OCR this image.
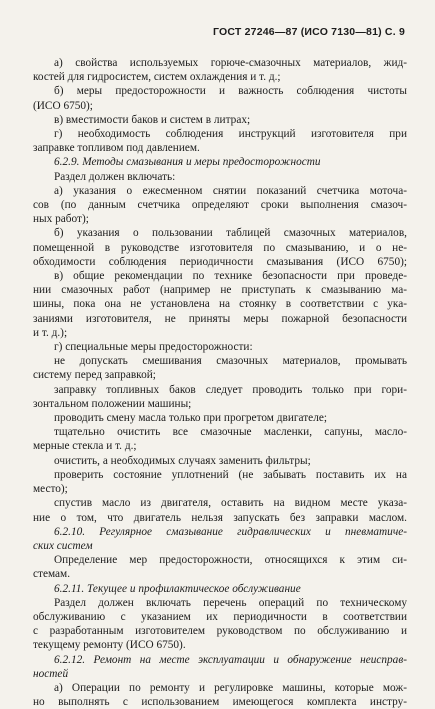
ГОСТ 27246—87 (ИСО 7130—81) С. 9
а) свойства используемых горюче-смазочных материалов, жид-
костей для гидросистем, систем охлаждения и т. д.;
б) меры предосторожности и важность соблюдения чистоты
(ИСО 6750);
в) вместимости баков и систем в литрах;
г) необходимость соблюдения инструкций изготовителя при
заправке топливом под давлением.
6.2.9. Методы смазывания и меры предосторожности
Раздел должен включать:
а) указания о ежесменном снятии показаний счетчика моточа-
сов (по данным счетчика определяют сроки выполнения смазоч-
ных работ);
б) указания о пользовании таблицей смазочных материалов,
помещенной в руководстве изготовителя по смазыванию, и о не-
обходимости соблюдения периодичности смазывания (ИСО 6750);
в) общие рекомендации по технике безопасности при проведе-
нии смазочных работ (например не приступать к смазыванию ма-
шины, пока она не установлена на стоянку в соответствии с ука-
заниями изготовителя, не приняты меры пожарной безопасности
и т. д.);
г) специальные меры предосторожности:
не допускать смешивания смазочных материалов, промывать
систему перед заправкой;
заправку топливных баков следует проводить только при гори-
зонтальном положении машины;
проводить смену масла только при прогретом двигателе;
тщательно очистить все смазочные масленки, сапуны, масло-
мерные стекла и т. д.;
очистить, а необходимых случаях заменить фильтры;
проверить состояние уплотнений (не забывать поставить их на
место);
спустив масло из двигателя, оставить на видном месте указа-
ние о том, что двигатель нельзя запускать без заправки маслом.
6.2.10. Регулярное смазывание гидравлических и пневматиче-
ских систем
Определение мер предосторожности, относящихся к этим си-
стемам.
6.2.11. Текущее и профилактическое обслуживание
Раздел должен включать перечень операций по техническому
обслуживанию с указанием их периодичности в соответствии
с разработанным изготовителем руководством по обслуживанию и
текущему ремонту (ИСО 6750).
6.2.12. Ремонт на месте эксплуатации и обнаружение неисправ-
ностей
а) Операции по ремонту и регулировке машины, которые мож-
но выполнять с использованием имеющегося комплекта инстру-
